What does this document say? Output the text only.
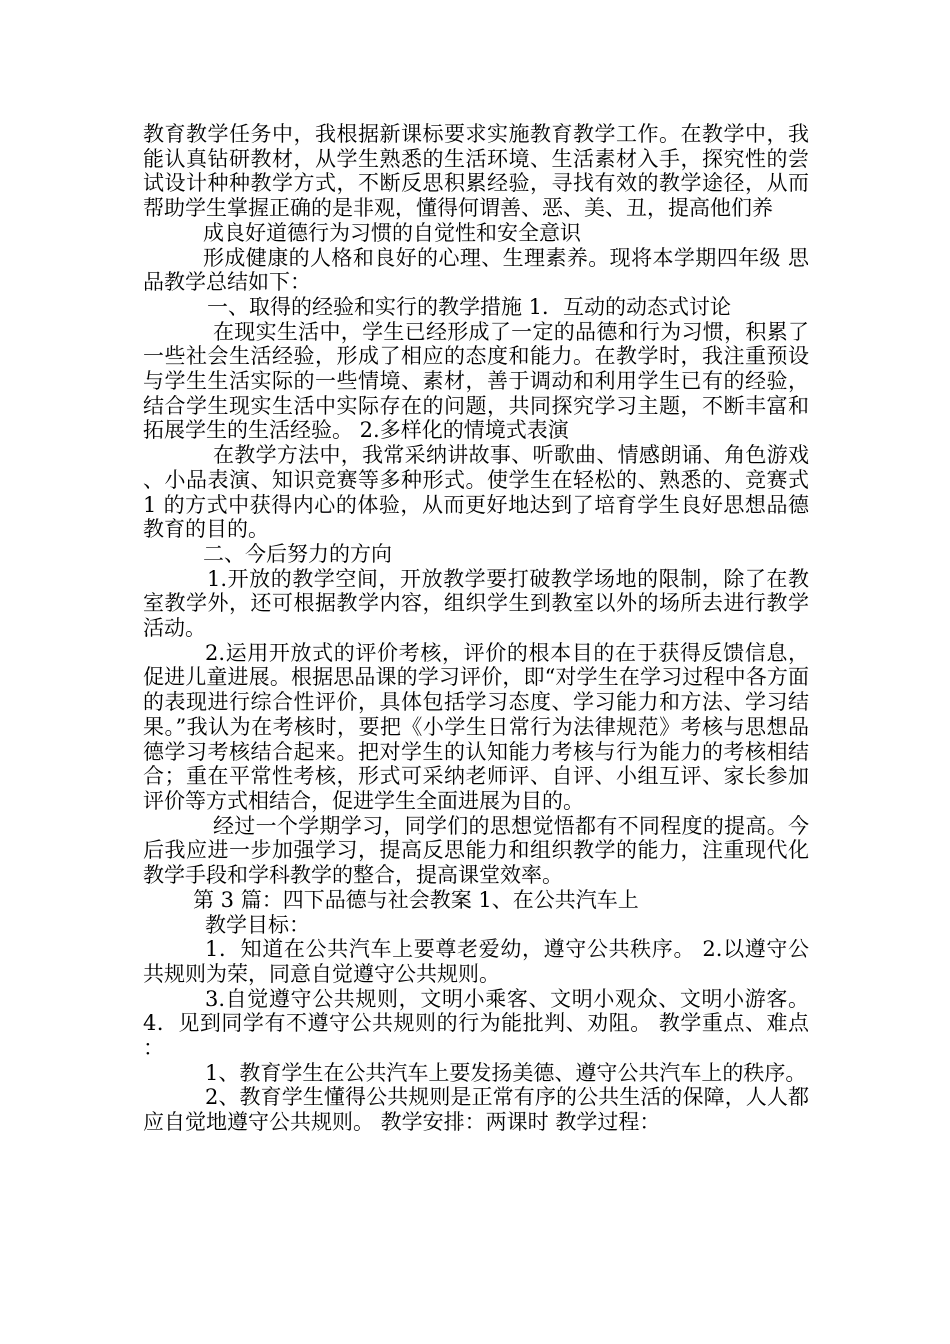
教育教学任务中，我根据新课标要求实施教育教学工作。在教学中，我能认真钻研教材，从学生熟悉的生活环境、生活素材入手，探究性的尝试设计种种教学方式，不断反思积累经验，寻找有效的教学途径，从而帮助学生掌握正确的是非观，懂得何谓善、恶、美、丑，提高他们养

成良好道德行为习惯的自觉性和安全意识

形成健康的人格和良好的心理、生理素养。现将本学期四年级 思品教学总结如下：

一、取得的经验和实行的教学措施 1．互动的动态式讨论

在现实生活中，学生已经形成了一定的品德和行为习惯，积累了一些社会生活经验，形成了相应的态度和能力。在教学时，我注重预设与学生生活实际的一些情境、素材，善于调动和利用学生已有的经验，结合学生现实生活中实际存在的问题，共同探究学习主题，不断丰富和拓展学生的生活经验。 2.多样化的情境式表演

在教学方法中，我常采纳讲故事、听歌曲、情感朗诵、角色游戏、小品表演、知识竞赛等多种形式。使学生在轻松的、熟悉的、竞赛式 1 的方式中获得内心的体验，从而更好地达到了培育学生良好思想品德教育的目的。

二、今后努力的方向

1.开放的教学空间，开放教学要打破教学场地的限制，除了在教室教学外，还可根据教学内容，组织学生到教室以外的场所去进行教学活动。

2.运用开放式的评价考核，评价的根本目的在于获得反馈信息，促进儿童进展。根据思品课的学习评价，即“对学生在学习过程中各方面的表现进行综合性评价，具体包括学习态度、学习能力和方法、学习结果。”我认为在考核时，要把《小学生日常行为法律规范》考核与思想品德学习考核结合起来。把对学生的认知能力考核与行为能力的考核相结合；重在平常性考核，形式可采纳老师评、自评、小组互评、家长参加评价等方式相结合，促进学生全面进展为目的。

经过一个学期学习，同学们的思想觉悟都有不同程度的提高。今后我应进一步加强学习，提高反思能力和组织教学的能力，注重现代化教学手段和学科教学的整合，提高课堂效率。

第 3 篇：四下品德与社会教案 1、在公共汽车上

教学目标：

1．知道在公共汽车上要尊老爱幼，遵守公共秩序。 2.以遵守公共规则为荣，同意自觉遵守公共规则。

3.自觉遵守公共规则，文明小乘客、文明小观众、文明小游客。 4．见到同学有不遵守公共规则的行为能批判、劝阻。 教学重点、难点：

1、教育学生在公共汽车上要发扬美德、遵守公共汽车上的秩序。

2、教育学生懂得公共规则是正常有序的公共生活的保障，人人都应自觉地遵守公共规则。 教学安排：两课时 教学过程：
